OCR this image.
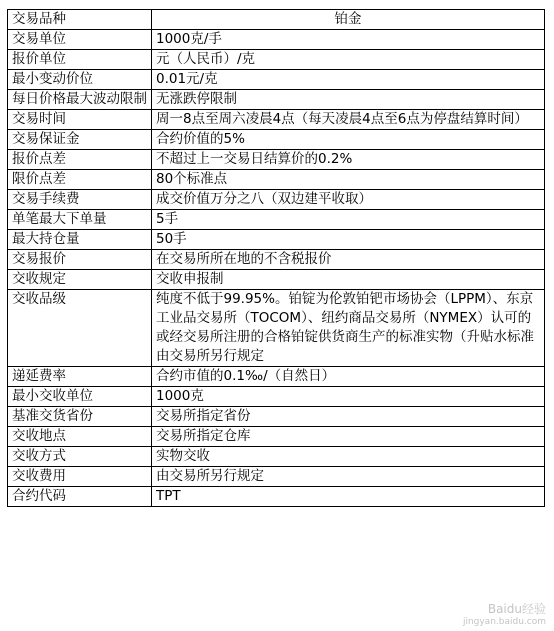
交易品种	铂金
交易单位	1000克/手
报价单位	元（人民币）/克
最小变动价位	0.01元/克
每日价格最大波动限制	无涨跌停限制
交易时间	周一8点至周六凌晨4点（每天凌晨4点至6点为停盘结算时间）
交易保证金	合约价值的5%
报价点差	不超过上一交易日结算价的0.2%
限价点差	80个标准点
交易手续费	成交价值万分之八（双边建平收取）
单笔最大下单量	5手
最大持仓量	50手
交易报价	在交易所所在地的不含税报价
交收规定	交收申报制
交收品级	纯度不低于99.95%。铂锭为伦敦铂钯市场协会（LPPM）、东京工业品交易所（TOCOM）、纽约商品交易所（NYMEX）认可的或经交易所注册的合格铂锭供货商生产的标准实物（升贴水标准由交易所另行规定
递延费率	合约市值的0.1‰/（自然日）
最小交收单位	1000克
基准交货省份	交易所指定省份
交收地点	交易所指定仓库
交收方式	实物交收
交收费用	由交易所另行规定
合约代码	TPT
Baidu经验
jingyan.baidu.com
